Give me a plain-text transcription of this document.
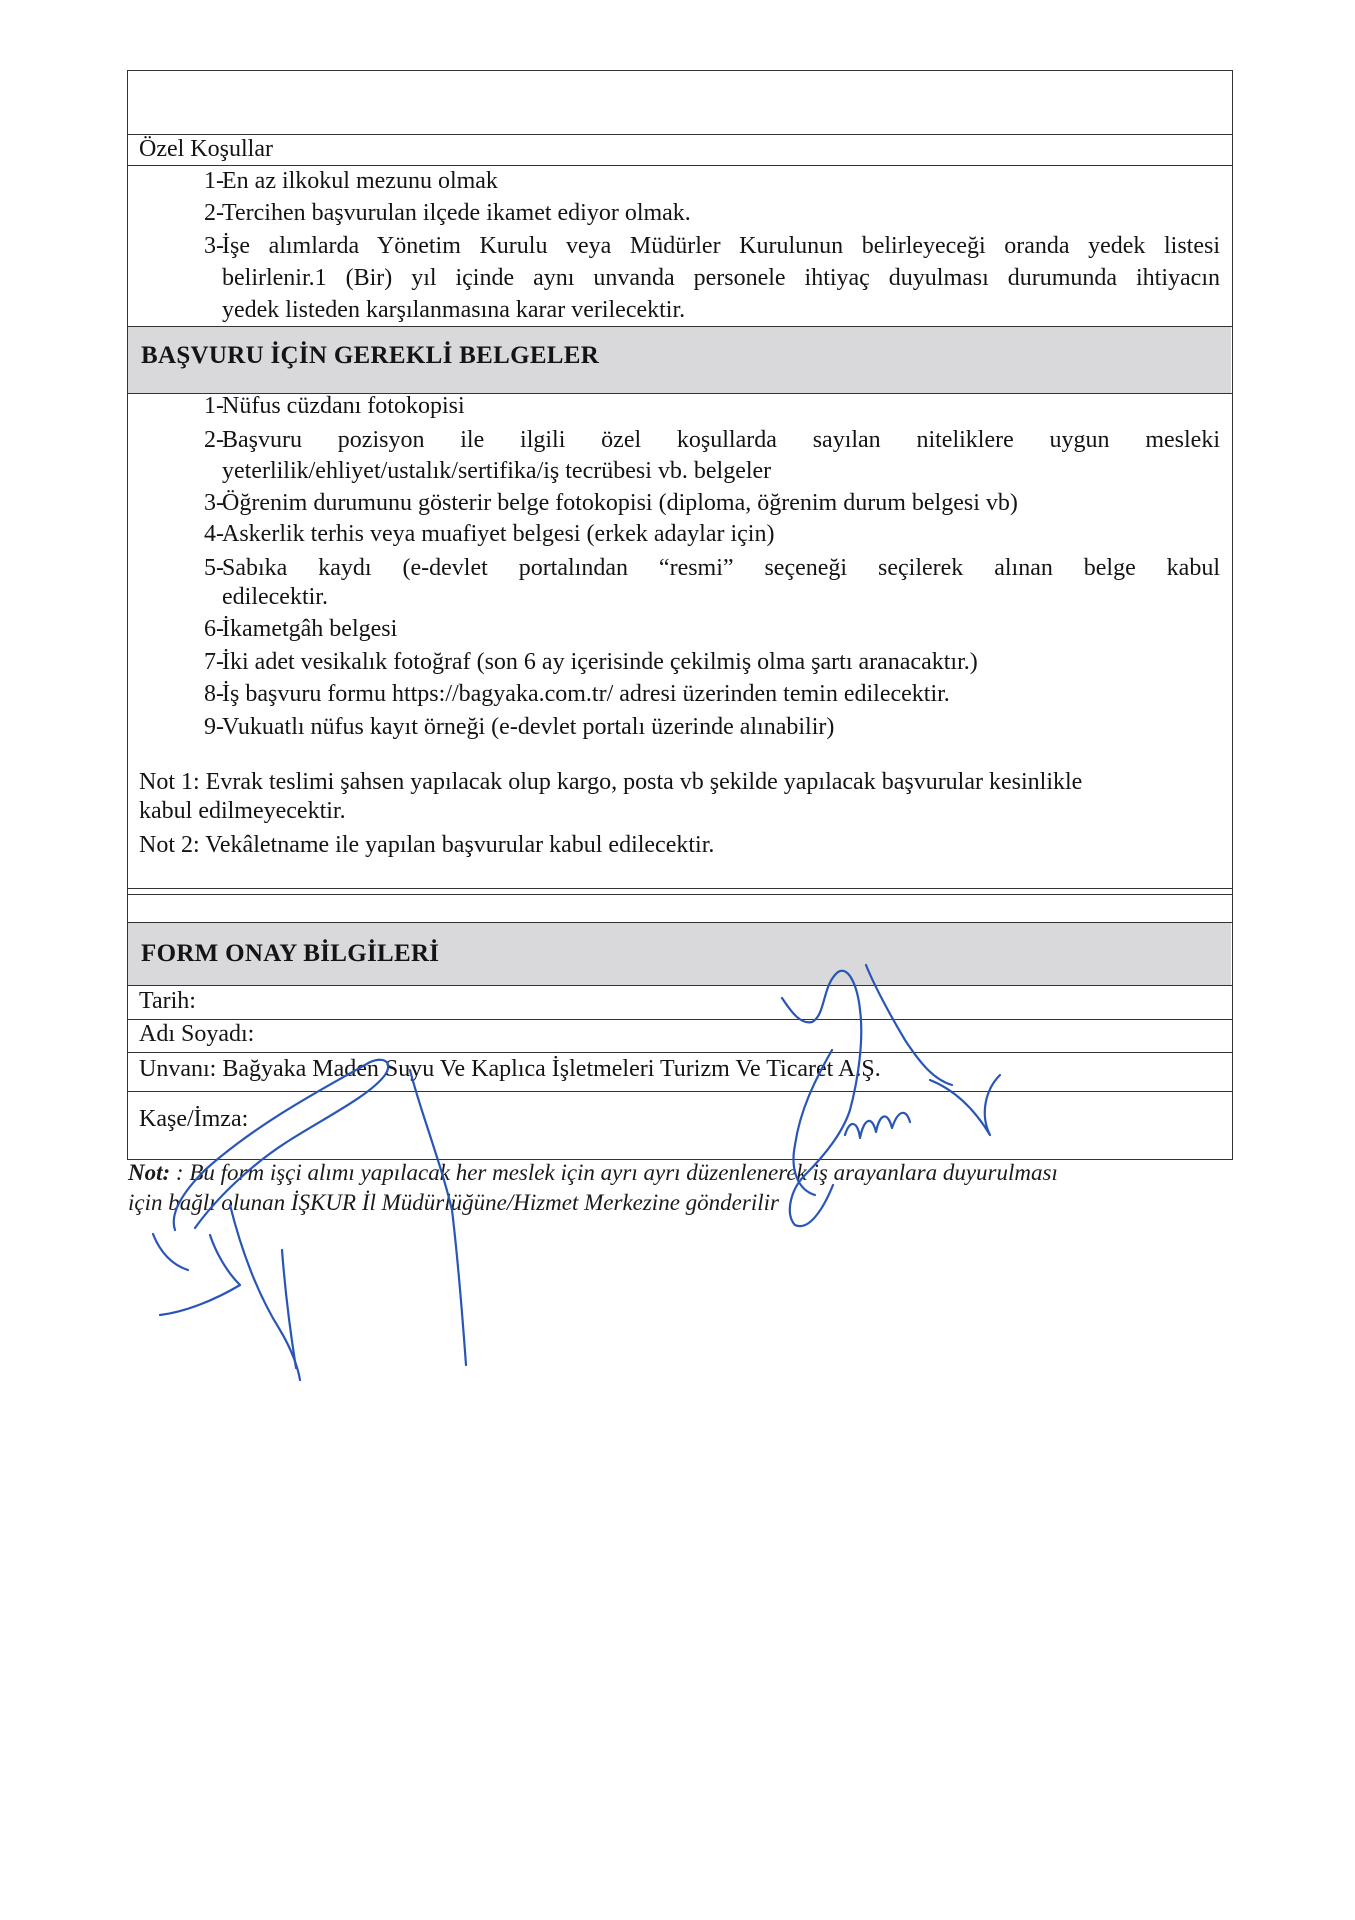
Özel Koşullar
1-
En az ilkokul mezunu olmak
2-
Tercihen başvurulan ilçede ikamet ediyor olmak.
3-
İşe alımlarda Yönetim Kurulu veya Müdürler Kurulunun belirleyeceği oranda yedek listesi
belirlenir.1 (Bir) yıl içinde aynı unvanda personele ihtiyaç duyulması durumunda ihtiyacın
yedek listeden karşılanmasına karar verilecektir.
BAŞVURU İÇİN GEREKLİ BELGELER
1-
Nüfus cüzdanı fotokopisi
2-
Başvuru pozisyon ile ilgili özel koşullarda sayılan niteliklere uygun mesleki
yeterlilik/ehliyet/ustalık/sertifika/iş tecrübesi vb. belgeler
3-
Öğrenim durumunu gösterir belge fotokopisi (diploma, öğrenim durum belgesi vb)
4-
Askerlik terhis veya muafiyet belgesi (erkek adaylar için)
5-
Sabıka kaydı (e-devlet portalından “resmi” seçeneği seçilerek alınan belge kabul
edilecektir.
6-
İkametgâh belgesi
7-
İki adet vesikalık fotoğraf (son 6 ay içerisinde çekilmiş olma şartı aranacaktır.)
8-
İş başvuru formu https://bagyaka.com.tr/ adresi üzerinden temin edilecektir.
9-
Vukuatlı nüfus kayıt örneği (e-devlet portalı üzerinde alınabilir)
Not 1: Evrak teslimi şahsen yapılacak olup kargo, posta vb şekilde yapılacak başvurular kesinlikle
kabul edilmeyecektir.
Not 2: Vekâletname ile yapılan başvurular kabul edilecektir.
FORM ONAY BİLGİLERİ
Tarih:
Adı Soyadı:
Unvanı: Bağyaka Maden Suyu Ve Kaplıca İşletmeleri Turizm Ve Ticaret A.Ş.
Kaşe/İmza:
Not: : Bu form işçi alımı yapılacak her meslek için ayrı ayrı düzenlenerek iş arayanlara duyurulması
için bağlı olunan İŞKUR İl Müdürlüğüne/Hizmet Merkezine gönderilir
